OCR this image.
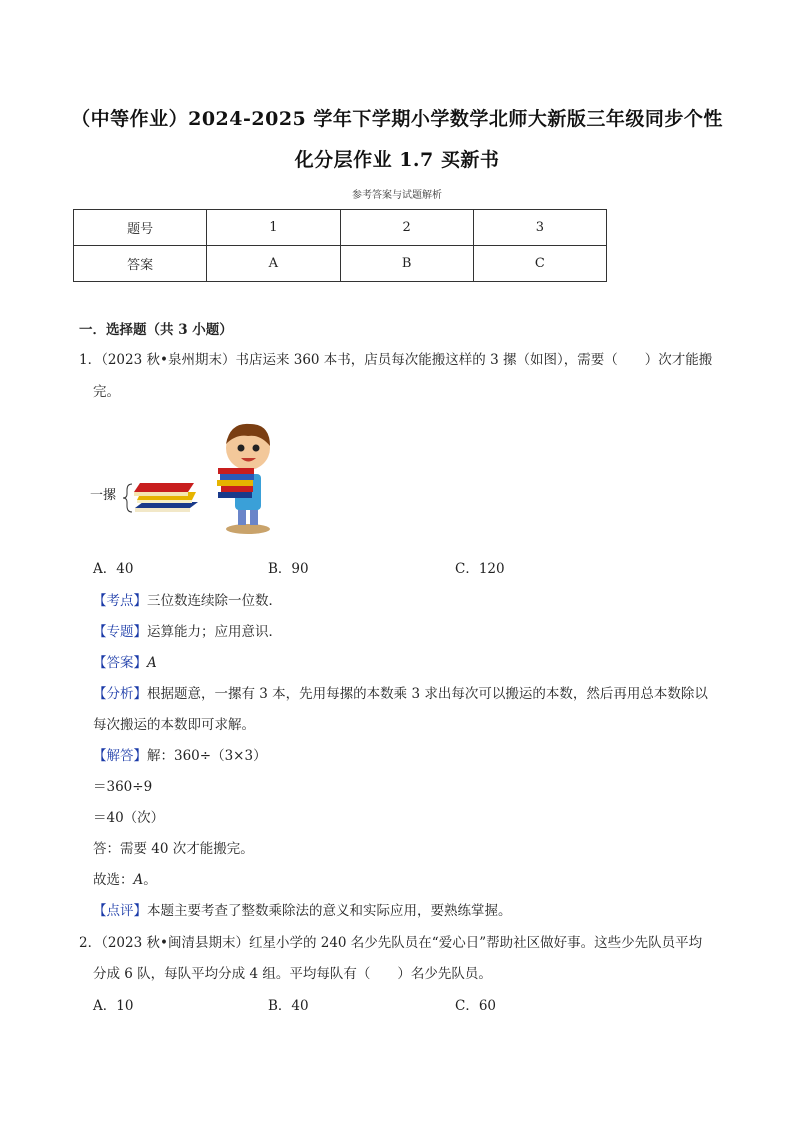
（中等作业）2024-2025 学年下学期小学数学北师大新版三年级同步个性
化分层作业 1.7 买新书
参考答案与试题解析
题号	1	2	3
答案	A	B	C
一．选择题（共 3 小题）
1．（2023 秋•泉州期末）书店运来 360 本书，店员每次能搬这样的 3 摞（如图），需要（　　）次才能搬
完。
一摞
A．40	B．90	C．120
【考点】三位数连续除一位数．
【专题】运算能力；应用意识．
【答案】A
【分析】根据题意，一摞有 3 本，先用每摞的本数乘 3 求出每次可以搬运的本数，然后再用总本数除以
每次搬运的本数即可求解。
【解答】解：360÷（3×3）
＝360÷9
＝40（次）
答：需要 40 次才能搬完。
故选：A。
【点评】本题主要考查了整数乘除法的意义和实际应用，要熟练掌握。
2．（2023 秋•闽清县期末）红星小学的 240 名少先队员在“爱心日”帮助社区做好事。这些少先队员平均
分成 6 队，每队平均分成 4 组。平均每队有（　　）名少先队员。
A．10	B．40	C．60
